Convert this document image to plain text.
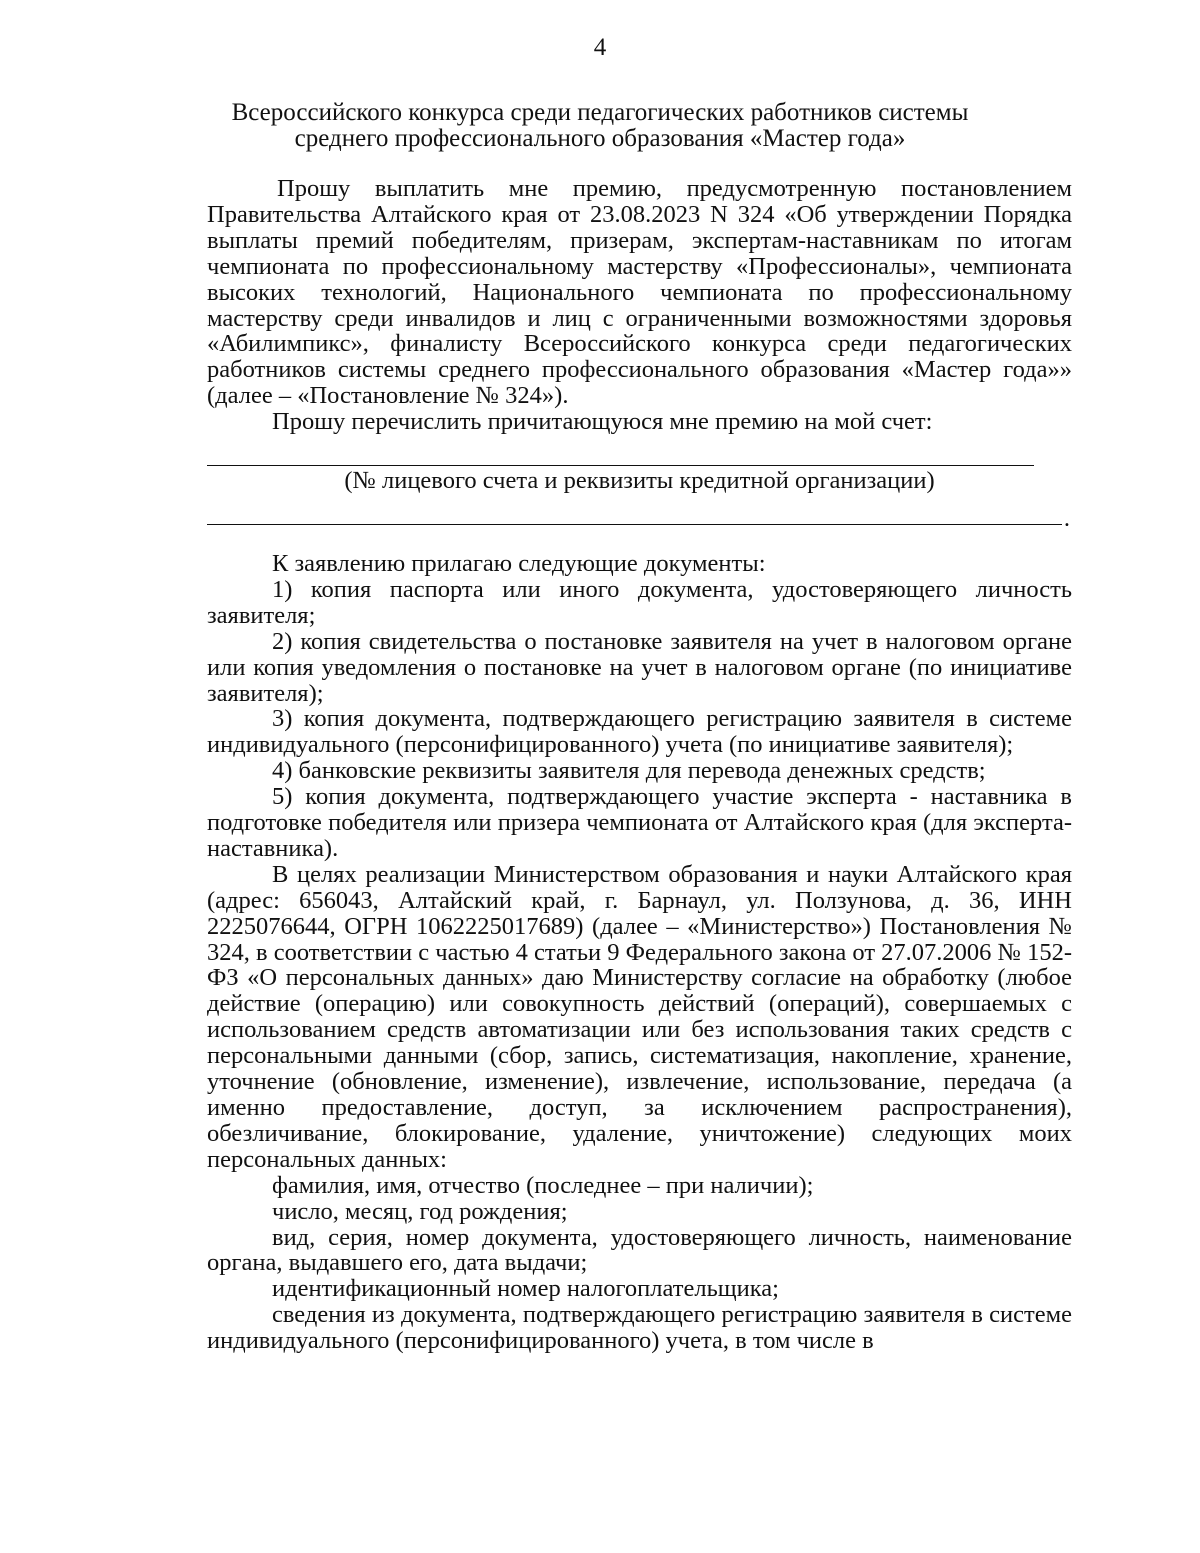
4
Всероссийского конкурса среди педагогических работников системы
среднего профессионального образования «Мастер года»

Прошу выплатить мне премию, предусмотренную постановлением Правительства Алтайского края от 23.08.2023 N 324 «Об утверждении Порядка выплаты премий победителям, призерам, экспертам-наставникам по итогам чемпионата по профессиональному мастерству «Профессионалы», чемпионата высоких технологий, Национального чемпионата по профессиональному мастерству среди инвалидов и лиц с ограниченными возможностями здоровья «Абилимпикс», финалисту Всероссийского конкурса среди педагогических работников системы среднего профессионального образования «Мастер года»» (далее – «Постановление № 324»).

Прошу перечислить причитающуюся мне премию на мой счет:

(№ лицевого счета и реквизиты кредитной организации)

.

К заявлению прилагаю следующие документы:

1) копия паспорта или иного документа, удостоверяющего личность заявителя;

2) копия свидетельства о постановке заявителя на учет в налоговом органе или копия уведомления о постановке на учет в налоговом органе (по инициативе заявителя);

3) копия документа, подтверждающего регистрацию заявителя в системе индивидуального (персонифицированного) учета (по инициативе заявителя);

4) банковские реквизиты заявителя для перевода денежных средств;

5) копия документа, подтверждающего участие эксперта - наставника в подготовке победителя или призера чемпионата от Алтайского края (для эксперта-наставника).

В целях реализации Министерством образования и науки Алтайского края (адрес: 656043, Алтайский край, г. Барнаул, ул. Ползунова, д. 36, ИНН 2225076644, ОГРН 1062225017689) (далее – «Министерство») Постановления № 324, в соответствии с частью 4 статьи 9 Федерального закона от 27.07.2006 № 152-ФЗ «О персональных данных» даю Министерству согласие на обработку (любое действие (операцию) или совокупность действий (операций), совершаемых с использованием средств автоматизации или без использования таких средств с персональными данными (сбор, запись, систематизация, накопление, хранение, уточнение (обновление, изменение), извлечение, использование, передача (а именно предоставление, доступ, за исключением распространения), обезличивание, блокирование, удаление, уничтожение) следующих моих персональных данных:

фамилия, имя, отчество (последнее – при наличии);

число, месяц, год рождения;

вид, серия, номер документа, удостоверяющего личность, наименование органа, выдавшего его, дата выдачи;

идентификационный номер налогоплательщика;

сведения из документа, подтверждающего регистрацию заявителя в системе индивидуального (персонифицированного) учета, в том числе в
